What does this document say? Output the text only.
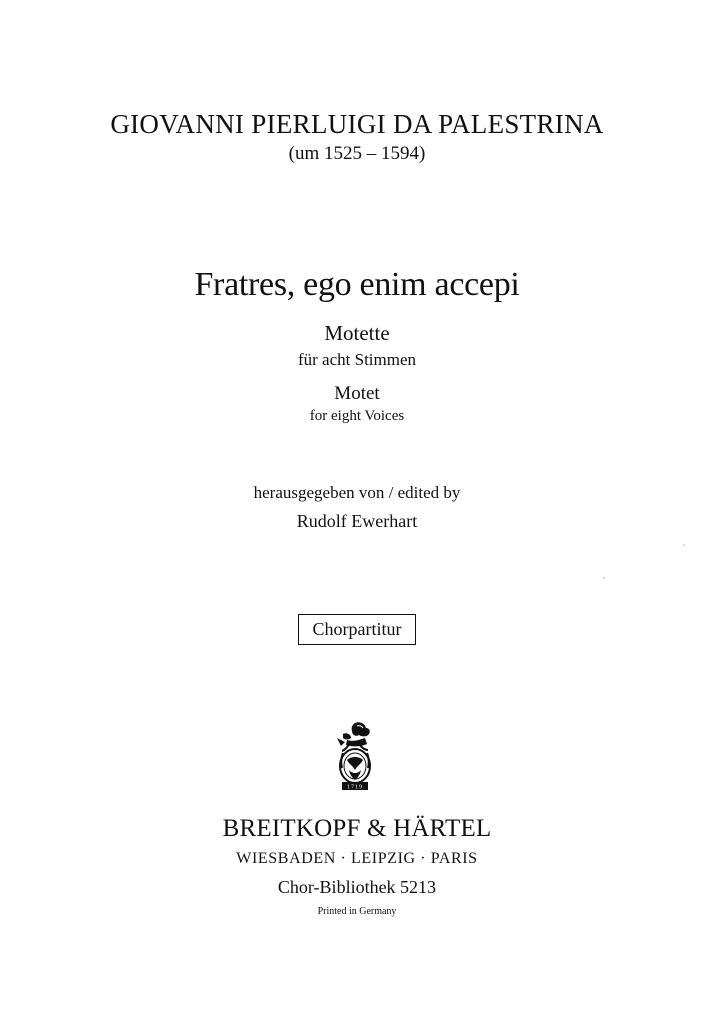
GIOVANNI PIERLUIGI DA PALESTRINA
(um 1525 – 1594)
Fratres, ego enim accepi
Motette
für acht Stimmen
Motet
for eight Voices
herausgegeben von / edited by
Rudolf Ewerhart
Chorpartitur
1719
BREITKOPF & HÄRTEL
WIESBADEN · LEIPZIG · PARIS
Chor-Bibliothek 5213
Printed in Germany
